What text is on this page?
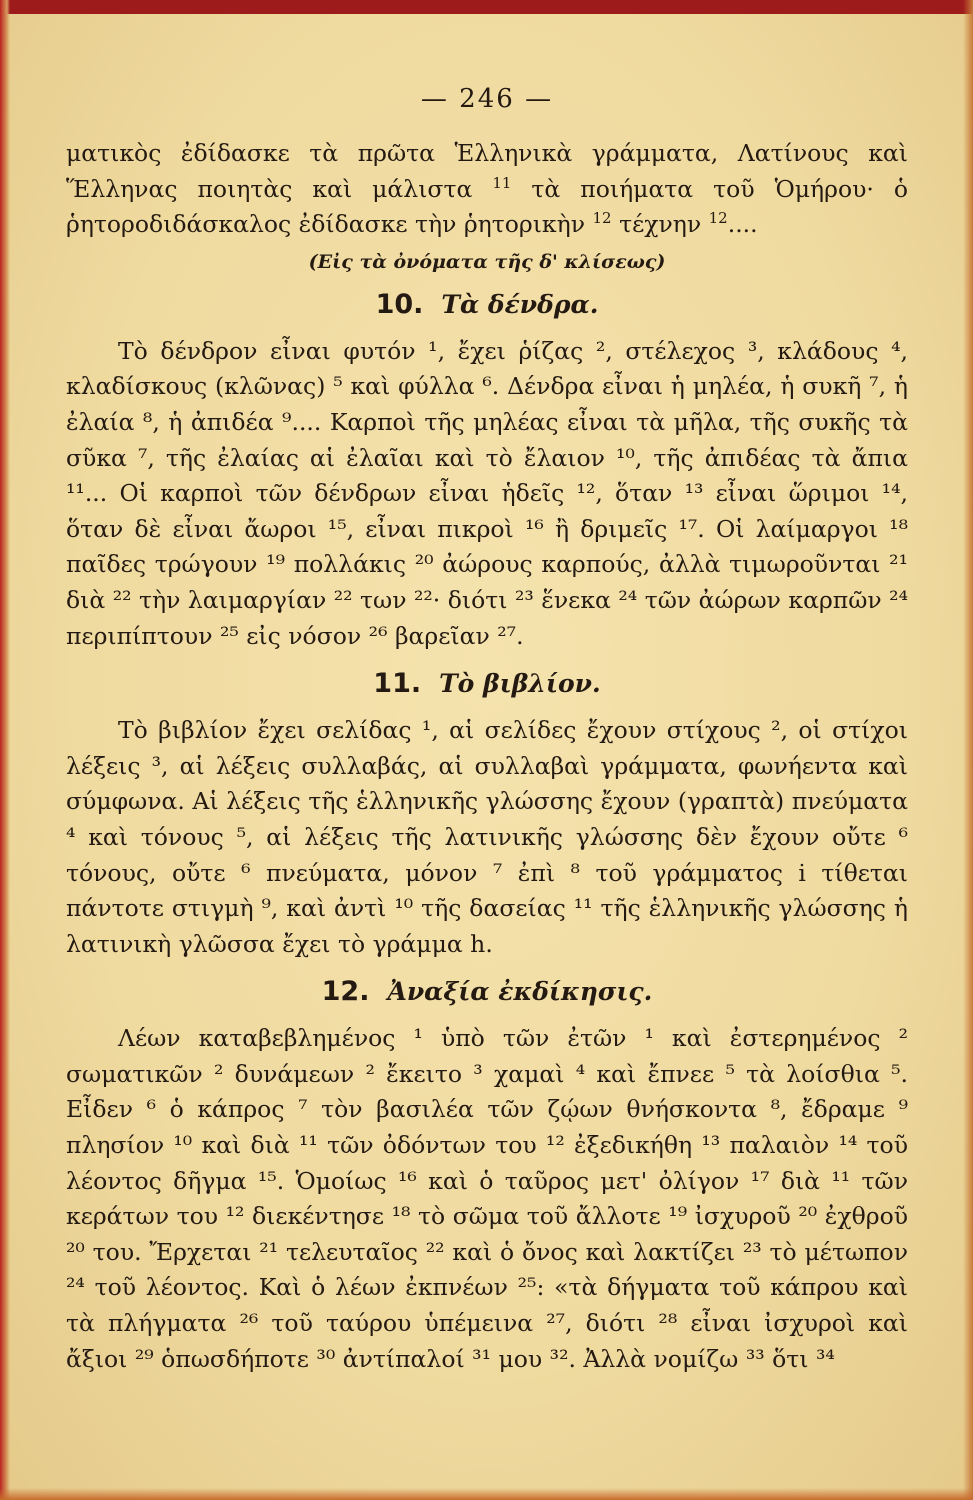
— 246 —

ματικὸς ἐδίδασκε τὰ πρῶτα Ἑλληνικὰ γράμματα, Λατίνους καὶ Ἕλληνας ποιητὰς καὶ μάλιστα $^{11}$ τὰ ποιήματα τοῦ Ὁμήρου· ὁ ῥητοροδιδάσκαλος ἐδίδασκε τὴν ῥητορικὴν $^{12}$ τέχνην $^{12}$....

(Εἰς τὰ ὀνόματα τῆς δ' κλίσεως)
10. Τὰ δένδρα.

Τὸ δένδρον εἶναι φυτόν ¹, ἔχει ῥίζας ², στέλεχος ³, κλάδους ⁴, κλαδίσκους (κλῶνας) ⁵ καὶ φύλλα ⁶. Δένδρα εἶναι ἡ μηλέα, ἡ συκῆ ⁷, ἡ ἐλαία ⁸, ἡ ἀπιδέα ⁹.... Καρποὶ τῆς μηλέας εἶναι τὰ μῆλα, τῆς συκῆς τὰ σῦκα ⁷, τῆς ἐλαίας αἱ ἐλαῖαι καὶ τὸ ἔλαιον ¹⁰, τῆς ἀπιδέας τὰ ἄπια ¹¹... Οἱ καρποὶ τῶν δένδρων εἶναι ἡδεῖς ¹², ὅταν ¹³ εἶναι ὥριμοι ¹⁴, ὅταν δὲ εἶναι ἄωροι ¹⁵, εἶναι πικροὶ ¹⁶ ἢ δριμεῖς ¹⁷. Οἱ λαίμαργοι ¹⁸ παῖδες τρώγουν ¹⁹ πολλάκις ²⁰ ἀώρους καρπούς, ἀλλὰ τιμωροῦνται ²¹ διὰ ²² τὴν λαιμαργίαν ²² των ²²· διότι ²³ ἕνεκα ²⁴ τῶν ἀώρων καρπῶν ²⁴ περιπίπτουν ²⁵ εἰς νόσον ²⁶ βαρεῖαν ²⁷.

11. Τὸ βιβλίον.

Τὸ βιβλίον ἔχει σελίδας ¹, αἱ σελίδες ἔχουν στίχους ², οἱ στίχοι λέξεις ³, αἱ λέξεις συλλαβάς, αἱ συλλαβαὶ γράμματα, φωνήεντα καὶ σύμφωνα. Αἱ λέξεις τῆς ἑλληνικῆς γλώσσης ἔχουν (γραπτὰ) πνεύματα ⁴ καὶ τόνους ⁵, αἱ λέξεις τῆς λατινικῆς γλώσσης δὲν ἔχουν οὔτε ⁶ τόνους, οὔτε ⁶ πνεύματα, μόνον ⁷ ἐπὶ ⁸ τοῦ γράμματος i τίθεται πάντοτε στιγμὴ ⁹, καὶ ἀντὶ ¹⁰ τῆς δασείας ¹¹ τῆς ἑλληνικῆς γλώσσης ἡ λατινικὴ γλῶσσα ἔχει τὸ γράμμα h.

12. Ἀναξία ἐκδίκησις.

Λέων καταβεβλημένος ¹ ὑπὸ τῶν ἐτῶν ¹ καὶ ἐστερημένος ² σωματικῶν ² δυνάμεων ² ἔκειτο ³ χαμαὶ ⁴ καὶ ἔπνεε ⁵ τὰ λοίσθια ⁵. Εἶδεν ⁶ ὁ κάπρος ⁷ τὸν βασιλέα τῶν ζῴων θνήσκοντα ⁸, ἔδραμε ⁹ πλησίον ¹⁰ καὶ διὰ ¹¹ τῶν ὀδόντων του ¹² ἐξεδικήθη ¹³ παλαιὸν ¹⁴ τοῦ λέοντος δῆγμα ¹⁵. Ὁμοίως ¹⁶ καὶ ὁ ταῦρος μετ' ὀλίγον ¹⁷ διὰ ¹¹ τῶν κεράτων του ¹² διεκέντησε ¹⁸ τὸ σῶμα τοῦ ἄλλοτε ¹⁹ ἰσχυροῦ ²⁰ ἐχθροῦ ²⁰ του. Ἔρχεται ²¹ τελευταῖος ²² καὶ ὁ ὄνος καὶ λακτίζει ²³ τὸ μέτωπον ²⁴ τοῦ λέοντος. Καὶ ὁ λέων ἐκπνέων ²⁵: «τὰ δήγματα τοῦ κάπρου καὶ τὰ πλήγματα ²⁶ τοῦ ταύρου ὑπέμεινα ²⁷, διότι ²⁸ εἶναι ἰσχυροὶ καὶ ἄξιοι ²⁹ ὁπωσδήποτε ³⁰ ἀντίπαλοί ³¹ μου ³². Ἀλλὰ νομίζω ³³ ὅτι ³⁴
